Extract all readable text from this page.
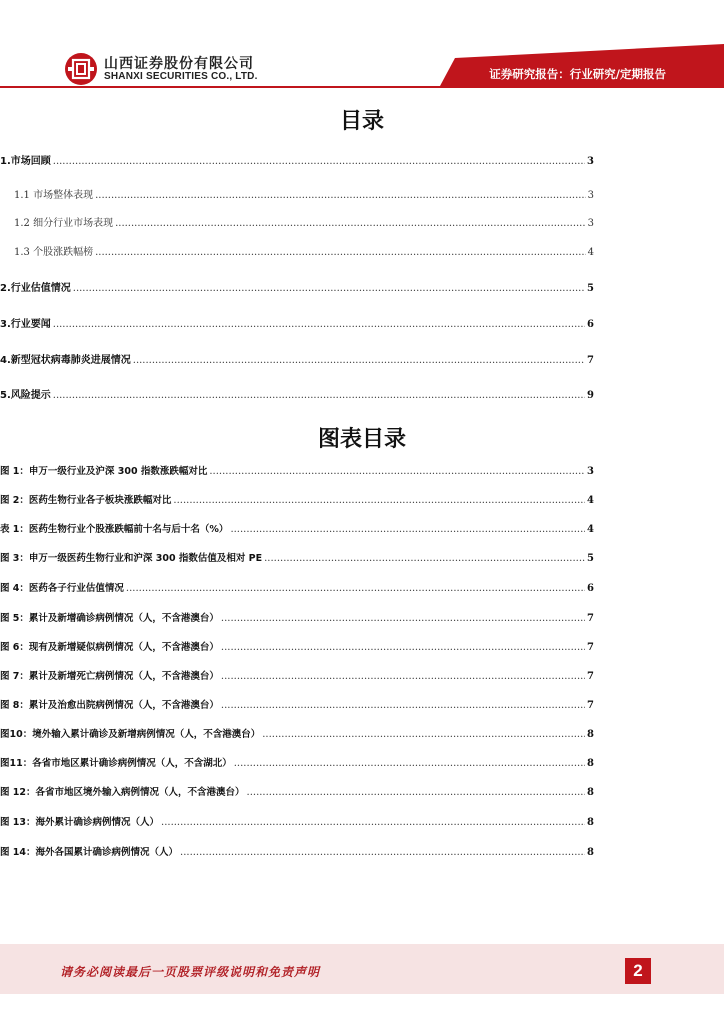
山西证券股份有限公司
SHANXI SECURITIES CO., LTD.	证券研究报告：行业研究/定期报告
目录
1.市场回顾 .....	3
1.1 市场整体表现 .....	3
1.2 细分行业市场表现 .....	3
1.3 个股涨跌幅榜 .....	4
2.行业估值情况 .....	5
3.行业要闻 .....	6
4.新型冠状病毒肺炎进展情况 .....	7
5.风险提示 .....	9
图表目录
图 1：申万一级行业及沪深 300 指数涨跌幅对比 .....	3
图 2：医药生物行业各子板块涨跌幅对比 .....	4
表 1：医药生物行业个股涨跌幅前十名与后十名（%） .....	4
图 3：申万一级医药生物行业和沪深 300 指数估值及相对 PE .....	5
图 4：医药各子行业估值情况 .....	6
图 5：累计及新增确诊病例情况（人，不含港澳台） .....	7
图 6：现有及新增疑似病例情况（人，不含港澳台） .....	7
图 7：累计及新增死亡病例情况（人，不含港澳台） .....	7
图 8：累计及治愈出院病例情况（人，不含港澳台） .....	7
图10：境外输入累计确诊及新增病例情况（人，不含港澳台） .....	8
图11：各省市地区累计确诊病例情况（人，不含湖北） .....	8
图 12：各省市地区境外输入病例情况（人，不含港澳台） .....	8
图 13：海外累计确诊病例情况（人） .....	8
图 14：海外各国累计确诊病例情况（人） .....	8
请务必阅读最后一页股票评级说明和免责声明	2
